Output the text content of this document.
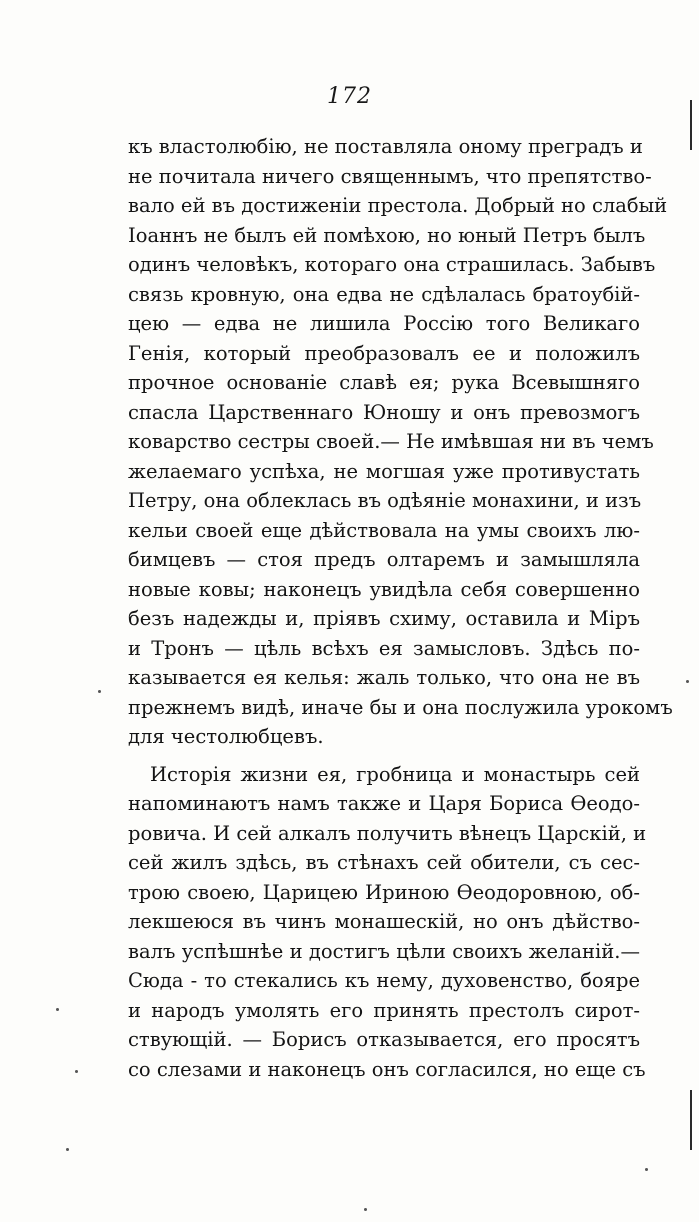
172
къ властолюбію, не поставляла оному преградъ и
не почитала ничего священнымъ, что препятство-
вало ей въ достиженіи престола. Добрый но слабый
Іоаннъ не былъ ей помѣхою, но юный Петръ былъ
одинъ человѣкъ, котораго она страшилась. Забывъ
связь кровную, она едва не сдѣлалась братоубій-
цею — едва не лишила Россію того Великаго
Генія, который преобразовалъ ее и положилъ
прочное основаніе славѣ ея; рука Всевышняго
спасла Царственнаго Юношу и онъ превозмогъ
коварство сестры своей.— Не имѣвшая ни въ чемъ
желаемаго успѣха, не могшая уже противустать
Петру, она облеклась въ одѣяніе монахини, и изъ
кельи своей еще дѣйствовала на умы своихъ лю-
бимцевъ — стоя предъ олтаремъ и замышляла
новые ковы; наконецъ увидѣла себя совершенно
безъ надежды и, пріявъ схиму, оставила и Міръ
и Тронъ — цѣль всѣхъ ея замысловъ. Здѣсь по-
казывается ея келья: жаль только, что она не въ
прежнемъ видѣ, иначе бы и она послужила урокомъ
для честолюбцевъ.
Исторія жизни ея, гробница и монастырь сей
напоминаютъ намъ также и Царя Бориса Ѳеодо-
ровича. И сей алкалъ получить вѣнецъ Царскій, и
сей жилъ здѣсь, въ стѣнахъ сей обители, съ сес-
трою своею, Царицею Ириною Ѳеодоровною, об-
лекшеюся въ чинъ монашескій, но онъ дѣйство-
валъ успѣшнѣе и достигъ цѣли своихъ желаній.—
Сюда - то стекались къ нему, духовенство, бояре
и народъ умолять его принять престолъ сирот-
ствующій. — Борисъ отказывается, его просятъ
со слезами и наконецъ онъ согласился, но еще съ
